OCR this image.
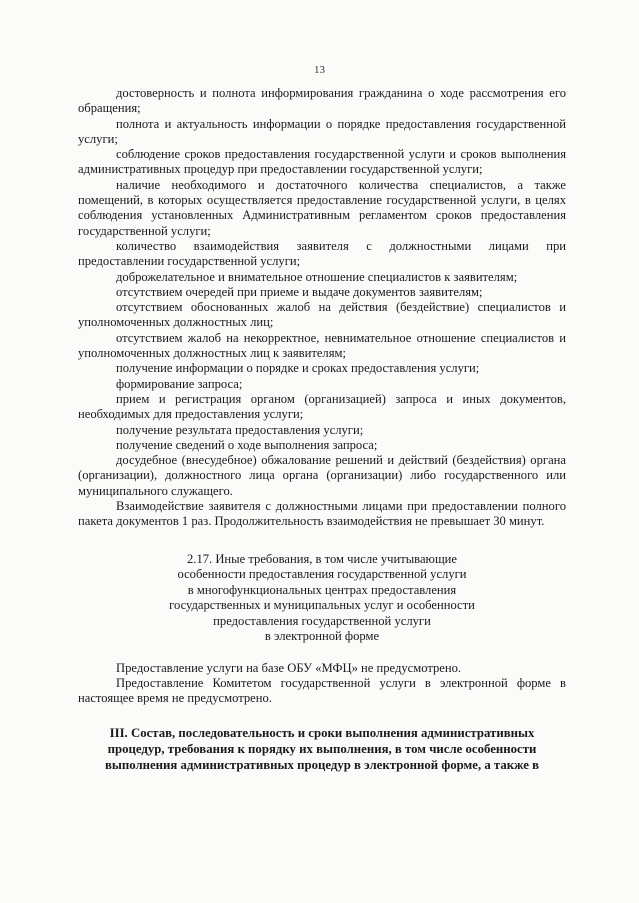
13

достоверность и полнота информирования гражданина о ходе рассмотрения его обращения;

полнота и актуальность информации о порядке предоставления государственной услуги;

соблюдение сроков предоставления государственной услуги и сроков выполнения административных процедур при предоставлении государственной услуги;

наличие необходимого и достаточного количества специалистов, а также помещений, в которых осуществляется предоставление государственной услуги, в целях соблюдения установленных Административным регламентом сроков предоставления государственной услуги;

количество взаимодействия заявителя с должностными лицами при предоставлении государственной услуги;

доброжелательное и внимательное отношение специалистов к заявителям;

отсутствием очередей при приеме и выдаче документов заявителям;

отсутствием обоснованных жалоб на действия (бездействие) специалистов и уполномоченных должностных лиц;

отсутствием жалоб на некорректное, невнимательное отношение специалистов и уполномоченных должностных лиц к заявителям;

получение информации о порядке и сроках предоставления услуги;

формирование запроса;

прием и регистрация органом (организацией) запроса и иных документов, необходимых для предоставления услуги;

получение результата предоставления услуги;

получение сведений о ходе выполнения запроса;

досудебное (внесудебное) обжалование решений и действий (бездействия) органа (организации), должностного лица органа (организации) либо государственного или муниципального служащего.

Взаимодействие заявителя с должностными лицами при предоставлении полного пакета документов 1 раз. Продолжительность взаимодействия не превышает 30 минут.

2.17. Иные требования, в том числе учитывающие
особенности предоставления государственной услуги
в многофункциональных центрах предоставления
государственных и муниципальных услуг и особенности
предоставления государственной услуги
в электронной форме

Предоставление услуги на базе ОБУ «МФЦ» не предусмотрено.

Предоставление Комитетом государственной услуги в электронной форме в настоящее время не предусмотрено.

III. Состав, последовательность и сроки выполнения административных
процедур, требования к порядку их выполнения, в том числе особенности
выполнения административных процедур в электронной форме, а также в
